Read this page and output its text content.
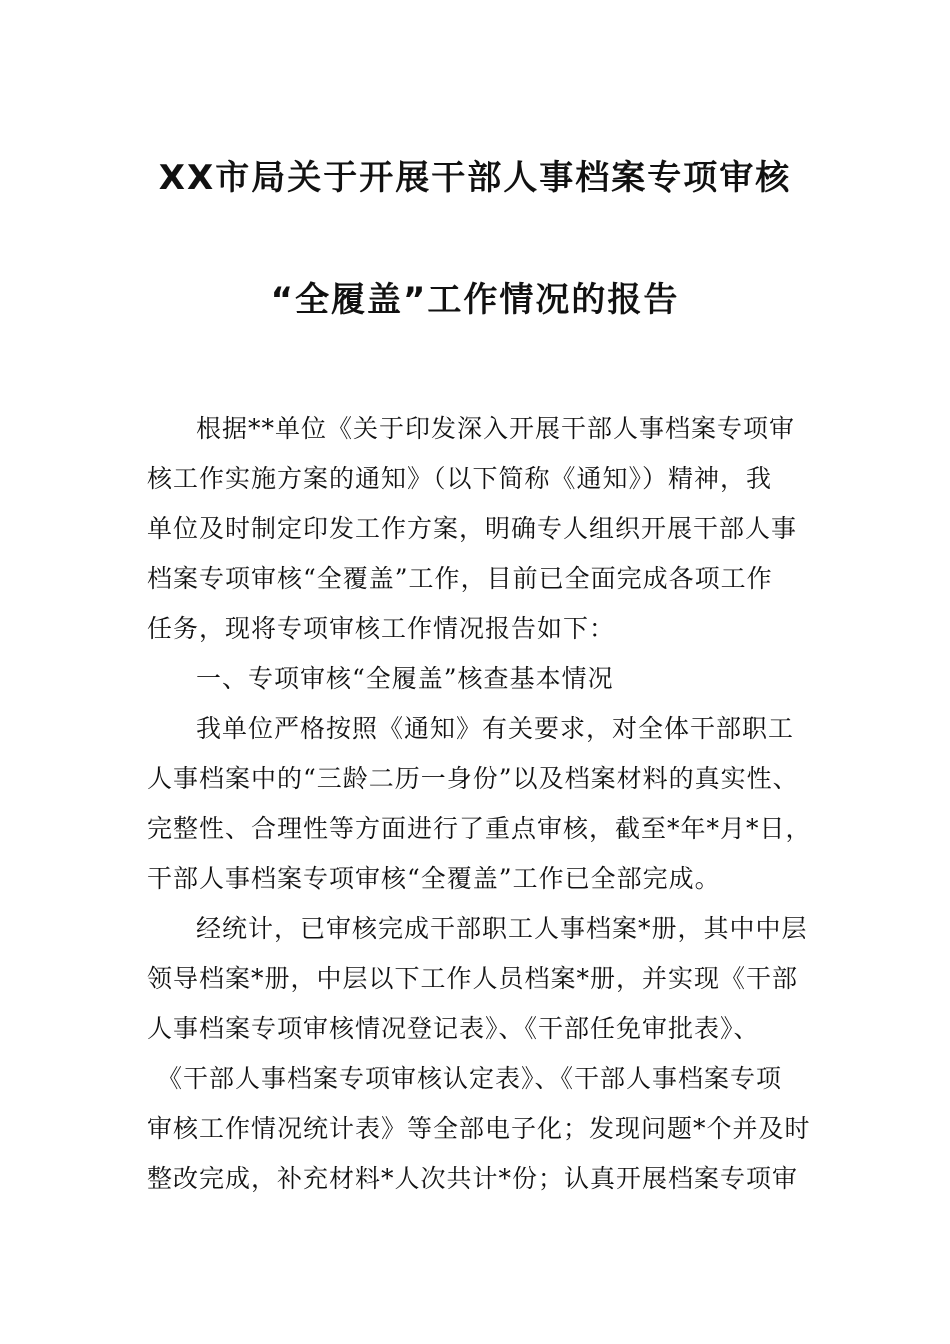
XX市局关于开展干部人事档案专项审核
“全履盖”工作情况的报告
根据**单位《关于印发深入开展干部人事档案专项审
核工作实施方案的通知》（以下简称《通知》）精神，我
单位及时制定印发工作方案，明确专人组织开展干部人事
档案专项审核“全覆盖”工作，目前已全面完成各项工作
任务，现将专项审核工作情况报告如下：
一、专项审核“全履盖”核查基本情况
我单位严格按照《通知》有关要求，对全体干部职工
人事档案中的“三龄二历一身份”以及档案材料的真实性、
完整性、合理性等方面进行了重点审核，截至*年*月*日，
干部人事档案专项审核“全覆盖”工作已全部完成。
经统计，已审核完成干部职工人事档案*册，其中中层
领导档案*册，中层以下工作人员档案*册，并实现《干部
人事档案专项审核情况登记表》、《干部任免审批表》、
《干部人事档案专项审核认定表》、《干部人事档案专项
审核工作情况统计表》等全部电子化；发现问题*个并及时
整改完成，补充材料*人次共计*份；认真开展档案专项审
